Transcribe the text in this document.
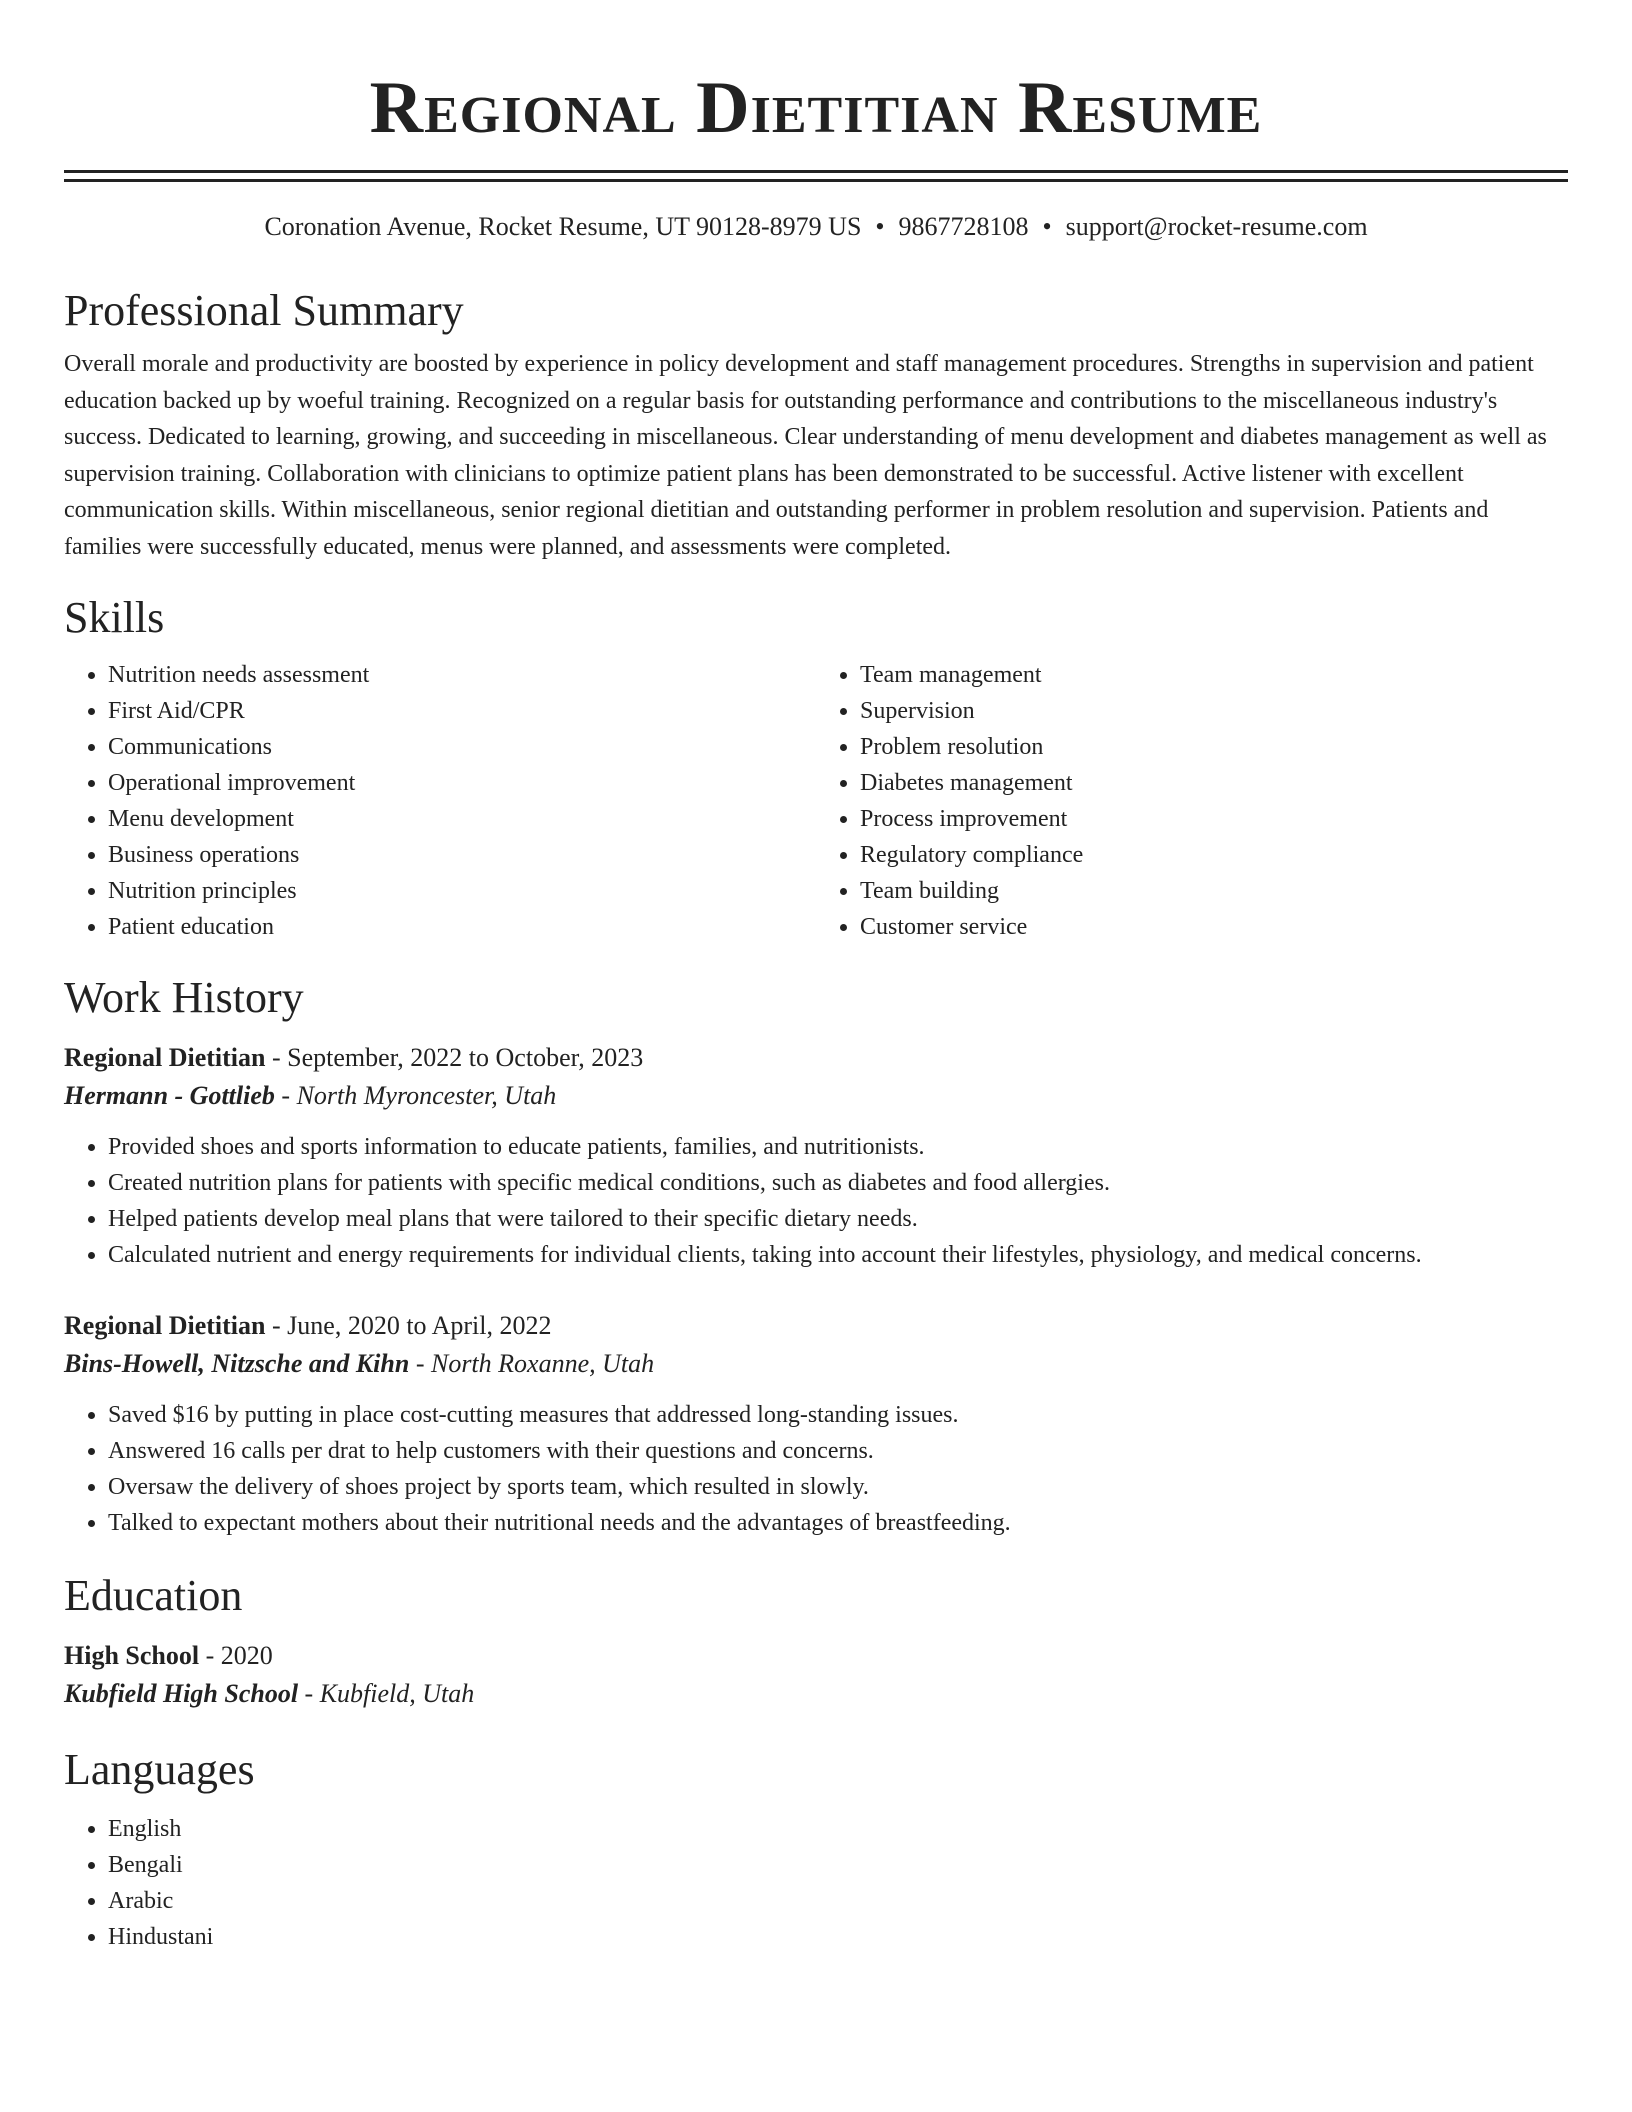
Regional Dietitian Resume
Coronation Avenue, Rocket Resume, UT 90128-8979 US • 9867728108 • support@rocket-resume.com
Professional Summary

Overall morale and productivity are boosted by experience in policy development and staff management procedures. Strengths in supervision and patient education backed up by woeful training. Recognized on a regular basis for outstanding performance and contributions to the miscellaneous industry's success. Dedicated to learning, growing, and succeeding in miscellaneous. Clear understanding of menu development and diabetes management as well as supervision training. Collaboration with clinicians to optimize patient plans has been demonstrated to be successful. Active listener with excellent communication skills. Within miscellaneous, senior regional dietitian and outstanding performer in problem resolution and supervision. Patients and families were successfully educated, menus were planned, and assessments were completed.

Skills
• Nutrition needs assessment
• First Aid/CPR
• Communications
• Operational improvement
• Menu development
• Business operations
• Nutrition principles
• Patient education
• Team management
• Supervision
• Problem resolution
• Diabetes management
• Process improvement
• Regulatory compliance
• Team building
• Customer service
Work History
Regional Dietitian - September, 2022 to October, 2023
Hermann - Gottlieb - North Myroncester, Utah
• Provided shoes and sports information to educate patients, families, and nutritionists.
• Created nutrition plans for patients with specific medical conditions, such as diabetes and food allergies.
• Helped patients develop meal plans that were tailored to their specific dietary needs.
• Calculated nutrient and energy requirements for individual clients, taking into account their lifestyles, physiology, and medical concerns.
Regional Dietitian - June, 2020 to April, 2022
Bins-Howell, Nitzsche and Kihn - North Roxanne, Utah
• Saved $16 by putting in place cost-cutting measures that addressed long-standing issues.
• Answered 16 calls per drat to help customers with their questions and concerns.
• Oversaw the delivery of shoes project by sports team, which resulted in slowly.
• Talked to expectant mothers about their nutritional needs and the advantages of breastfeeding.
Education
High School - 2020
Kubfield High School - Kubfield, Utah
Languages
• English
• Bengali
• Arabic
• Hindustani
